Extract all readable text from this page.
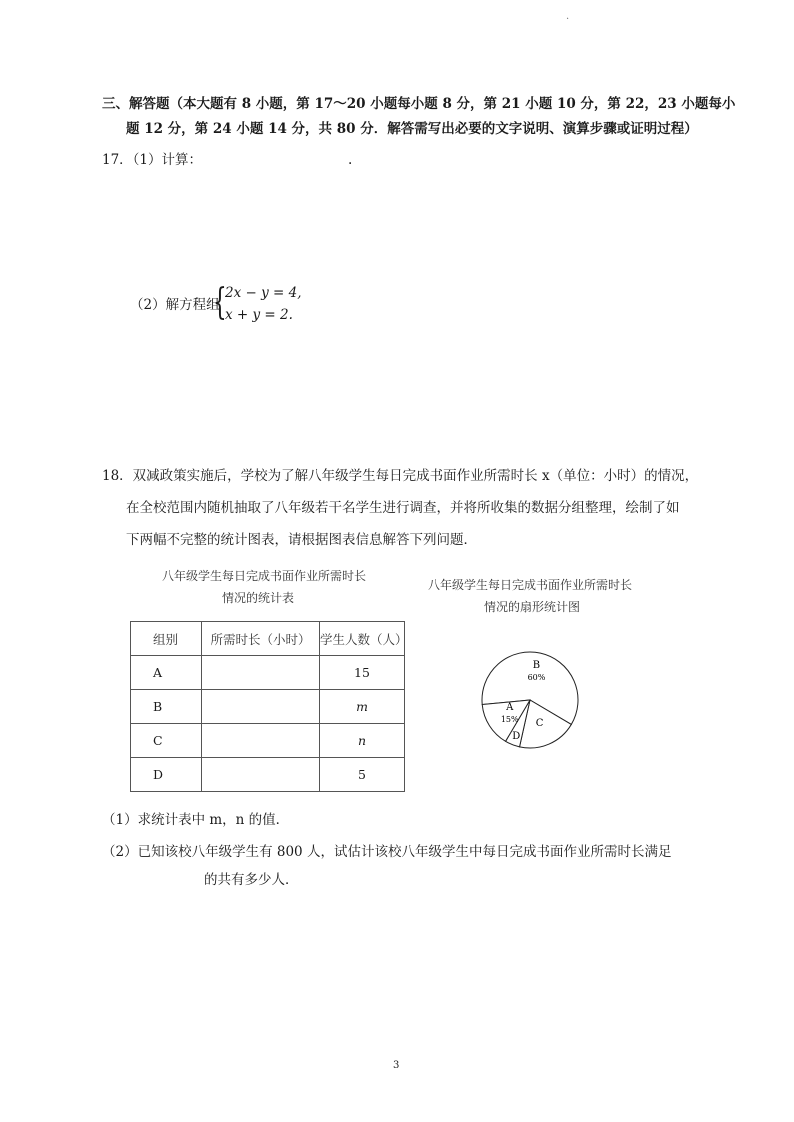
.
三、解答题（本大题有 8 小题，第 17～20 小题每小题 8 分，第 21 小题 10 分，第 22，23 小题每小
题 12 分，第 24 小题 14 分，共 80 分．解答需写出必要的文字说明、演算步骤或证明过程）
17．（1）计算：	.
（2）解方程组
{
2x − y = 4,
x + y = 2.
18．双减政策实施后，学校为了解八年级学生每日完成书面作业所需时长 x（单位：小时）的情况，
在全校范围内随机抽取了八年级若干名学生进行调查，并将所收集的数据分组整理，绘制了如
下两幅不完整的统计图表，请根据图表信息解答下列问题．
八年级学生每日完成书面作业所需时长
情况的统计表
组别	所需时长（小时）	学生人数（人）
A		15
B		m
C		n
D		5
八年级学生每日完成书面作业所需时长
情况的扇形统计图
B
60%
C
D
A
15%
（1）求统计表中 m，n 的值．
（2）已知该校八年级学生有 800 人，试估计该校八年级学生中每日完成书面作业所需时长满足
的共有多少人．
3
